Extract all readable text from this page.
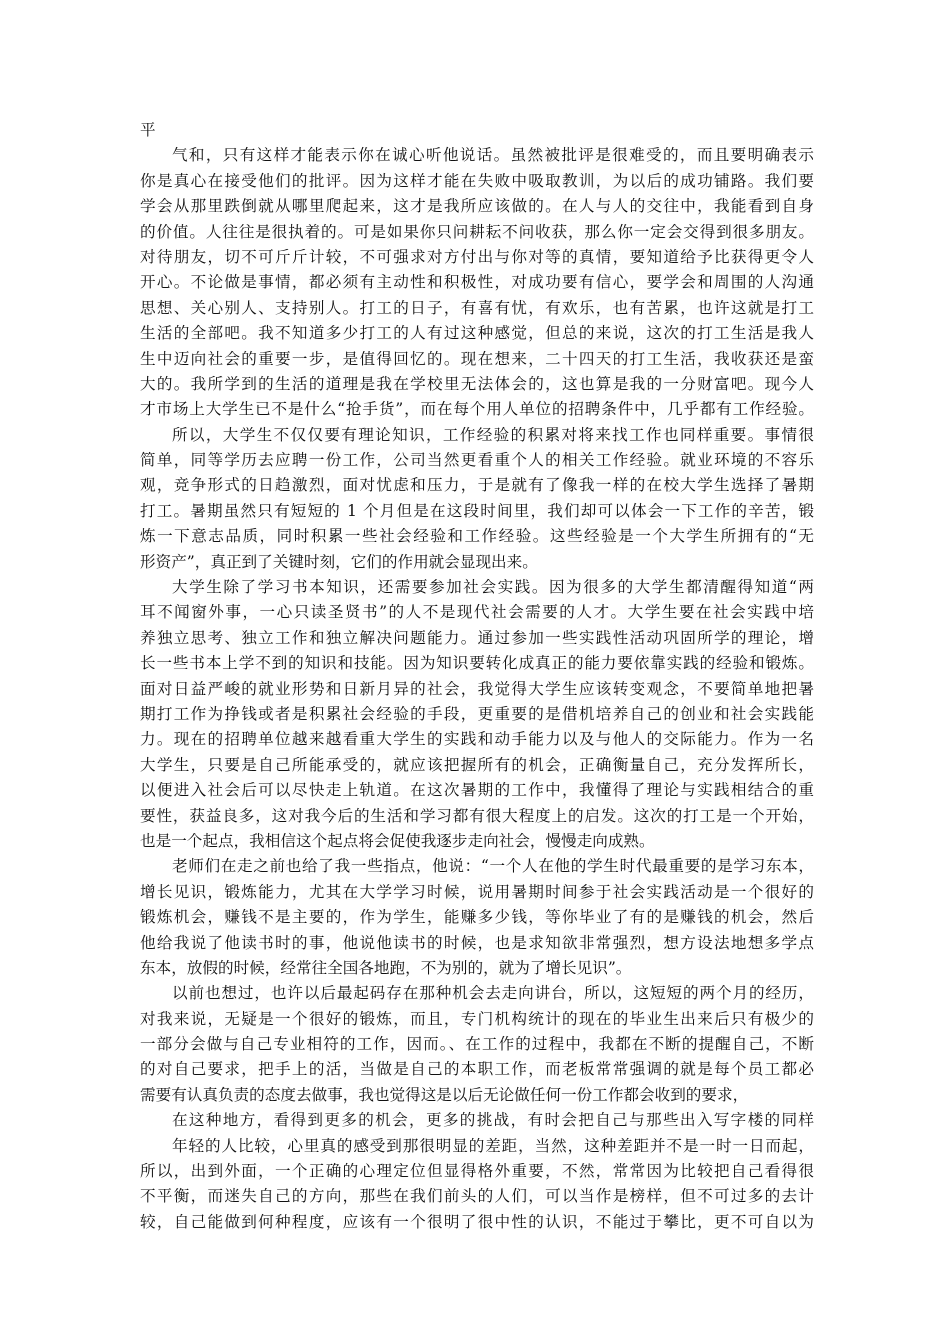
平
气和，只有这样才能表示你在诚心听他说话。虽然被批评是很难受的，而且要明确表示
你是真心在接受他们的批评。因为这样才能在失败中吸取教训，为以后的成功铺路。我们要
学会从那里跌倒就从哪里爬起来，这才是我所应该做的。在人与人的交往中，我能看到自身
的价值。人往往是很执着的。可是如果你只问耕耘不问收获，那么你一定会交得到很多朋友。
对待朋友，切不可斤斤计较，不可强求对方付出与你对等的真情，要知道给予比获得更令人
开心。不论做是事情，都必须有主动性和积极性，对成功要有信心，要学会和周围的人沟通
思想、关心别人、支持别人。打工的日子，有喜有忧，有欢乐，也有苦累，也许这就是打工
生活的全部吧。我不知道多少打工的人有过这种感觉，但总的来说，这次的打工生活是我人
生中迈向社会的重要一步，是值得回忆的。现在想来，二十四天的打工生活，我收获还是蛮
大的。我所学到的生活的道理是我在学校里无法体会的，这也算是我的一分财富吧。现今人
才市场上大学生已不是什么“抢手货”，而在每个用人单位的招聘条件中，几乎都有工作经验。
所以，大学生不仅仅要有理论知识，工作经验的积累对将来找工作也同样重要。事情很
简单，同等学历去应聘一份工作，公司当然更看重个人的相关工作经验。就业环境的不容乐
观，竞争形式的日趋激烈，面对忧虑和压力，于是就有了像我一样的在校大学生选择了暑期
打工。暑期虽然只有短短的 1 个月但是在这段时间里，我们却可以体会一下工作的辛苦，锻
炼一下意志品质，同时积累一些社会经验和工作经验。这些经验是一个大学生所拥有的“无
形资产”，真正到了关键时刻，它们的作用就会显现出来。
大学生除了学习书本知识，还需要参加社会实践。因为很多的大学生都清醒得知道“两
耳不闻窗外事，一心只读圣贤书”的人不是现代社会需要的人才。大学生要在社会实践中培
养独立思考、独立工作和独立解决问题能力。通过参加一些实践性活动巩固所学的理论，增
长一些书本上学不到的知识和技能。因为知识要转化成真正的能力要依靠实践的经验和锻炼。
面对日益严峻的就业形势和日新月异的社会，我觉得大学生应该转变观念，不要简单地把暑
期打工作为挣钱或者是积累社会经验的手段，更重要的是借机培养自己的创业和社会实践能
力。现在的招聘单位越来越看重大学生的实践和动手能力以及与他人的交际能力。作为一名
大学生，只要是自己所能承受的，就应该把握所有的机会，正确衡量自己，充分发挥所长，
以便进入社会后可以尽快走上轨道。在这次暑期的工作中，我懂得了理论与实践相结合的重
要性，获益良多，这对我今后的生活和学习都有很大程度上的启发。这次的打工是一个开始，
也是一个起点，我相信这个起点将会促使我逐步走向社会，慢慢走向成熟。
老师们在走之前也给了我一些指点，他说：“一个人在他的学生时代最重要的是学习东本，
增长见识，锻炼能力，尤其在大学学习时候，说用暑期时间参于社会实践活动是一个很好的
锻炼机会，赚钱不是主要的，作为学生，能赚多少钱，等你毕业了有的是赚钱的机会，然后
他给我说了他读书时的事，他说他读书的时候，也是求知欲非常强烈，想方设法地想多学点
东本，放假的时候，经常往全国各地跑，不为别的，就为了增长见识”。
以前也想过，也许以后最起码存在那种机会去走向讲台，所以，这短短的两个月的经历，
对我来说，无疑是一个很好的锻炼，而且，专门机构统计的现在的毕业生出来后只有极少的
一部分会做与自己专业相符的工作，因而。、在工作的过程中，我都在不断的提醒自己，不断
的对自己要求，把手上的活，当做是自己的本职工作，而老板常常强调的就是每个员工都必
需要有认真负责的态度去做事，我也觉得这是以后无论做任何一份工作都会收到的要求，
在这种地方，看得到更多的机会，更多的挑战，有时会把自己与那些出入写字楼的同样
年轻的人比较，心里真的感受到那很明显的差距，当然，这种差距并不是一时一日而起，
所以，出到外面，一个正确的心理定位但显得格外重要，不然，常常因为比较把自己看得很
不平衡，而迷失自己的方向，那些在我们前头的人们，可以当作是榜样，但不可过多的去计
较，自己能做到何种程度，应该有一个很明了很中性的认识，不能过于攀比，更不可自以为
